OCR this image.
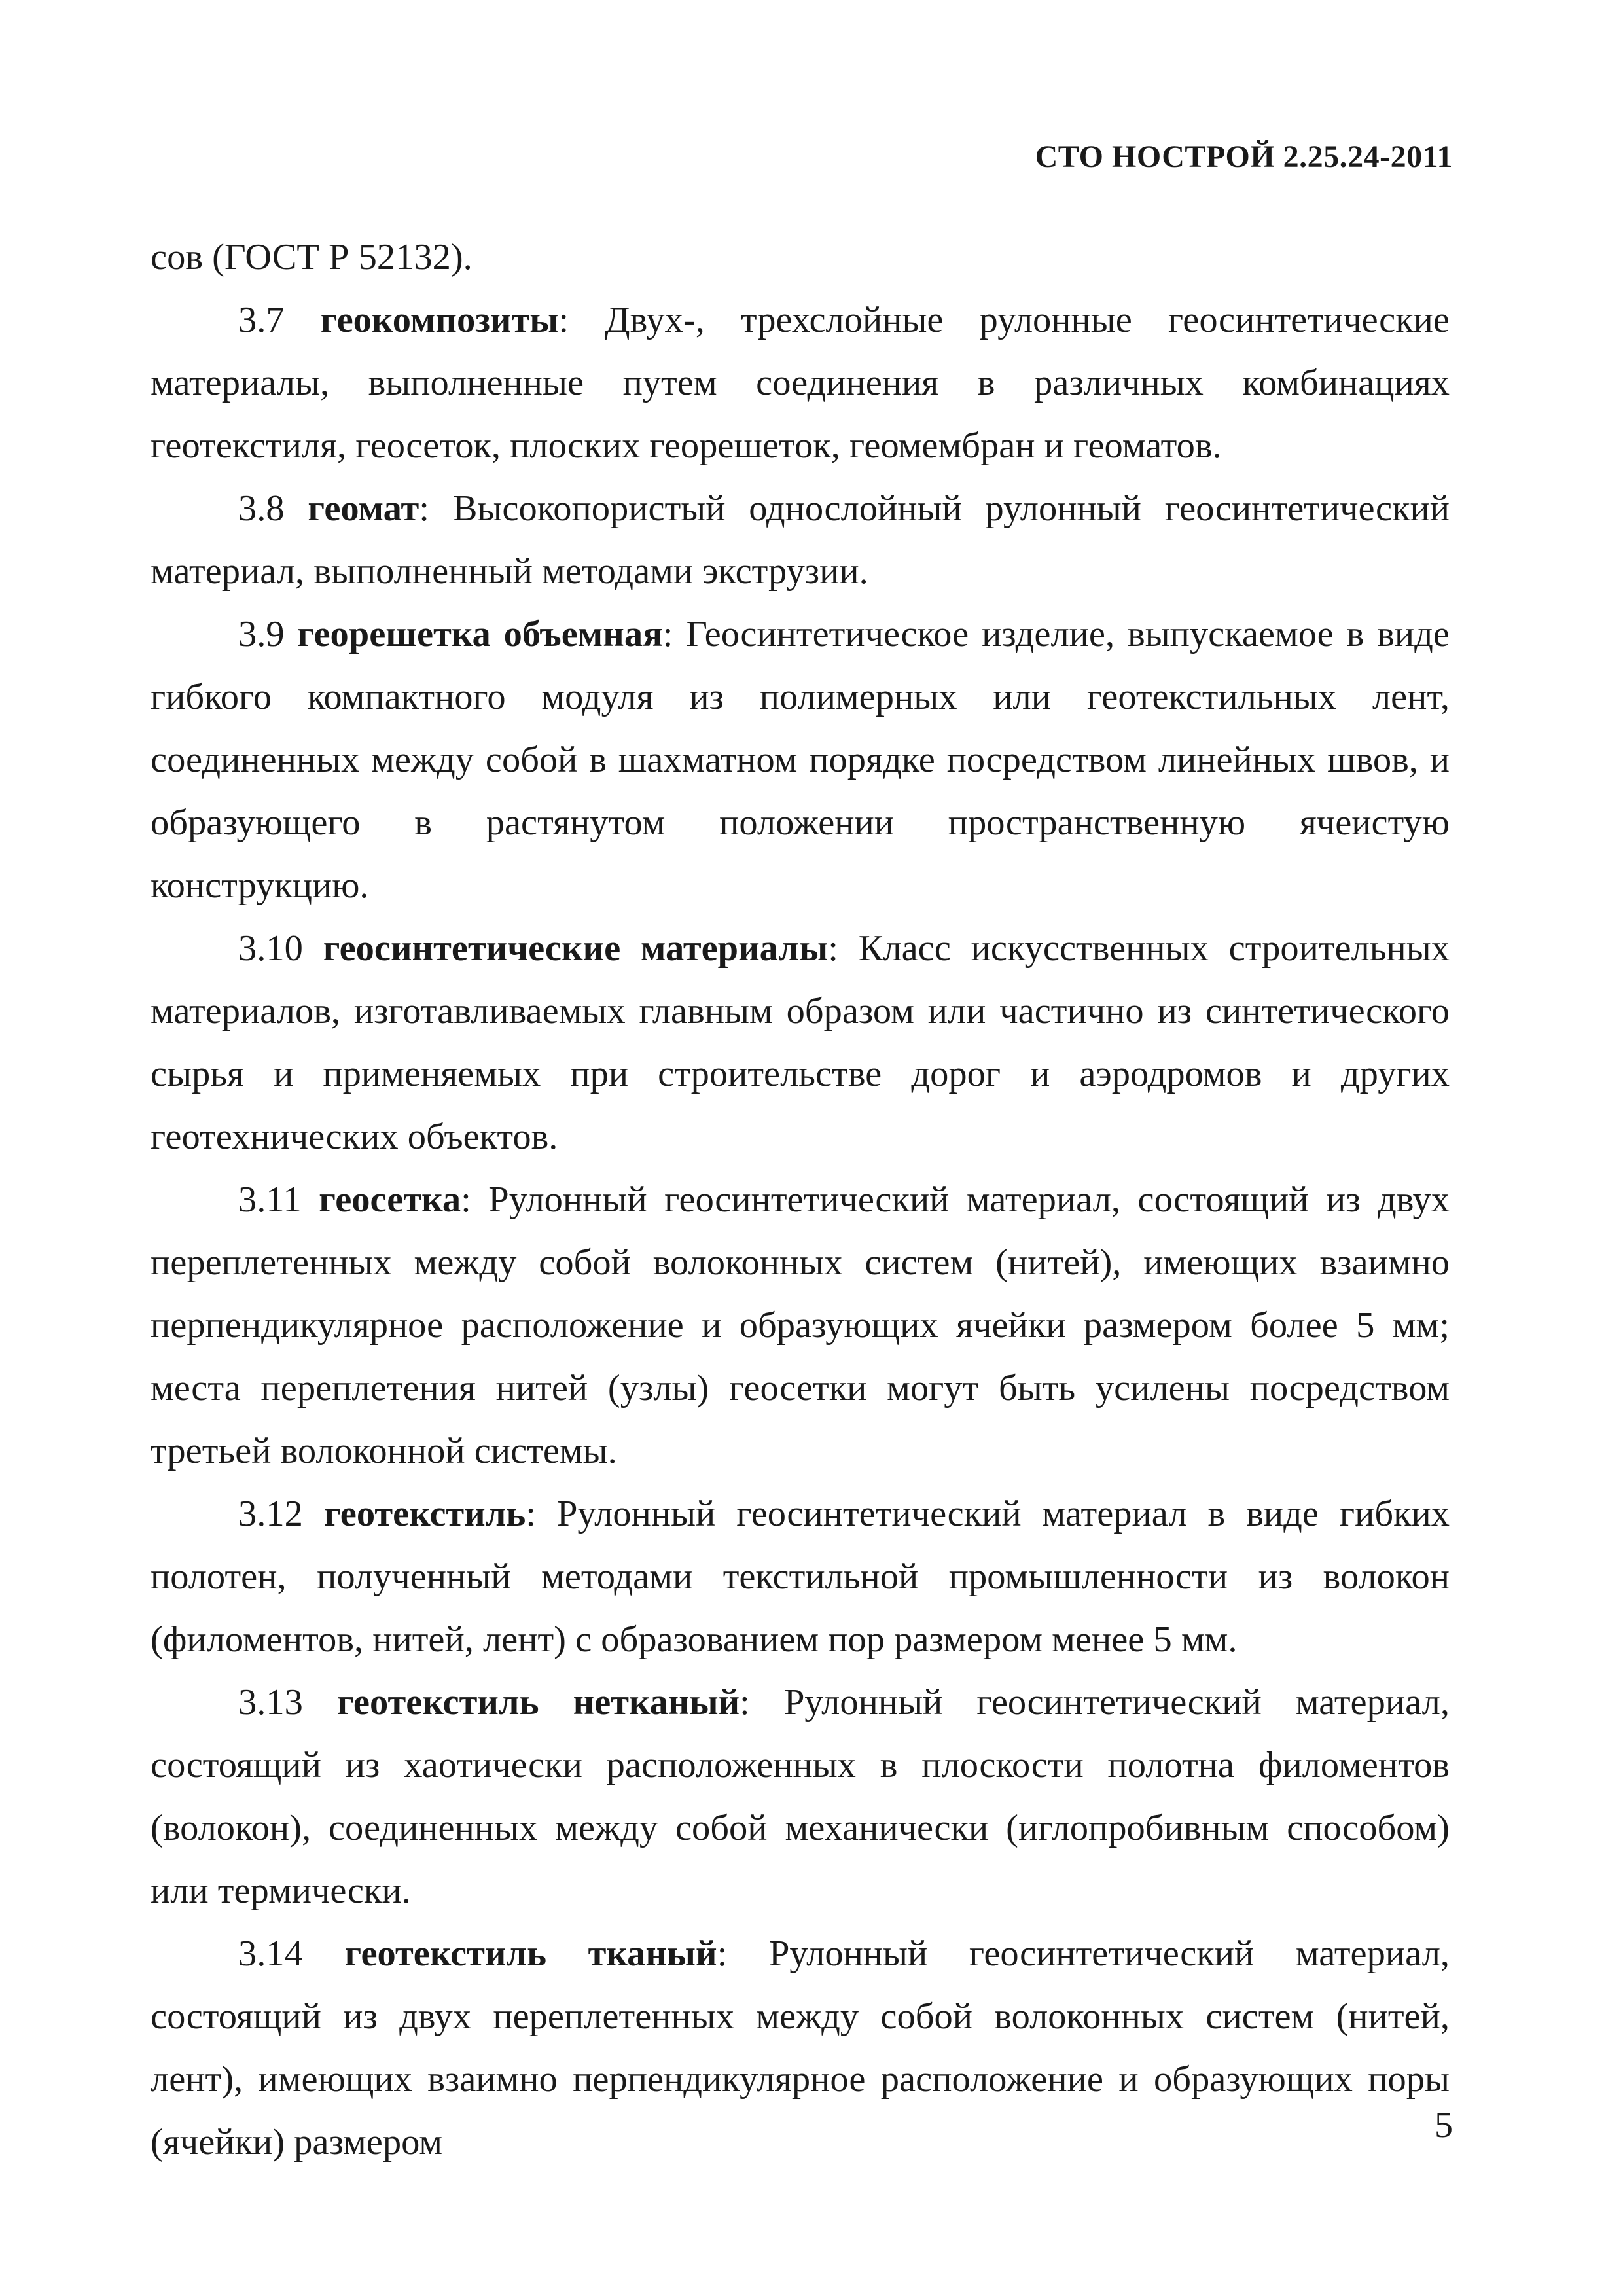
СТО НОСТРОЙ 2.25.24-2011

сов (ГОСТ Р 52132).

3.7 геокомпозиты: Двух-, трехслойные рулонные геосинтетические материалы, выполненные путем соединения в различных комбинациях геотекстиля, геосеток, плоских георешеток, геомембран и геоматов.

3.8 геомат: Высокопористый однослойный рулонный геосинтетический материал, выполненный методами экструзии.

3.9 георешетка объемная: Геосинтетическое изделие, выпускаемое в виде гибкого компактного модуля из полимерных или геотекстильных лент, соединенных между собой в шахматном порядке посредством линейных швов, и образующего в растянутом положении пространственную ячеистую конструкцию.

3.10 геосинтетические материалы: Класс искусственных строительных материалов, изготавливаемых главным образом или частично из синтетического сырья и применяемых при строительстве дорог и аэродромов и других геотехнических объектов.

3.11 геосетка: Рулонный геосинтетический материал, состоящий из двух переплетенных между собой волоконных систем (нитей), имеющих взаимно перпендикулярное расположение и образующих ячейки размером более 5 мм; места переплетения нитей (узлы) геосетки могут быть усилены посредством третьей волоконной системы.

3.12 геотекстиль: Рулонный геосинтетический материал в виде гибких полотен, полученный методами текстильной промышленности из волокон (филоментов, нитей, лент) с образованием пор размером менее 5 мм.

3.13 геотекстиль нетканый: Рулонный геосинтетический материал, состоящий из хаотически расположенных в плоскости полотна филоментов (волокон), соединенных между собой механически (иглопробивным способом) или термически.

3.14 геотекстиль тканый: Рулонный геосинтетический материал, состоящий из двух переплетенных между собой волоконных систем (нитей, лент), имеющих взаимно перпендикулярное расположение и образующих поры (ячейки) размером	5
